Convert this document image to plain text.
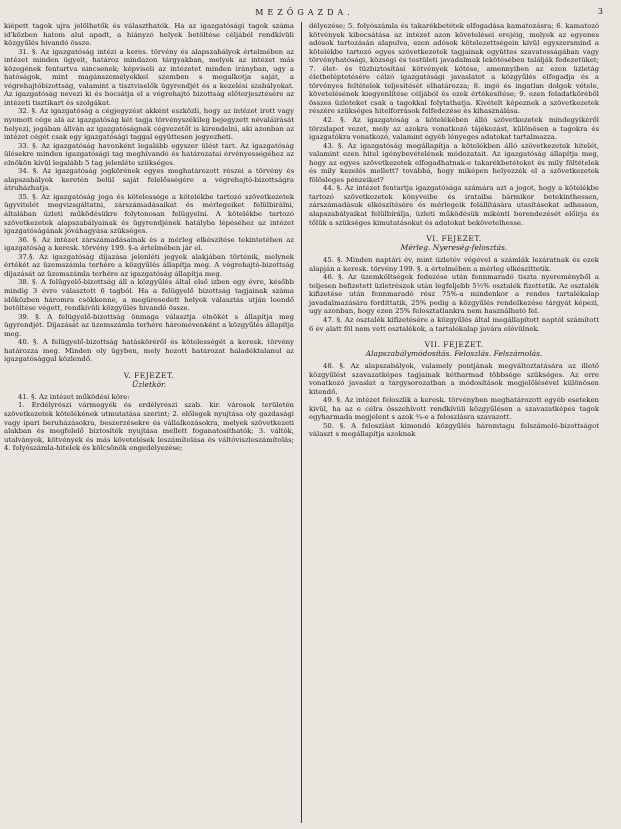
MEZŐGAZDA.	3

kiépett tagok ujra jelölhetők és választhatók. Ha az igazgatósági tagok száma id'közben hatom alul apadt, a hiányzó helyek betöltése céljából rendkívüli közgyűlés hivandó össze.

31. §. Az igazgatóság intézi a keres. törvény és alapszabályok értelmében az intézet minden ügyeit, határoz mindazon tárgyakban, melyek az intézet más közegének fentartva nincsenek; képviseli az intézetet minden irányban, ugy a hatóságok, mint magánszemélyekkel szemben s megalkotja saját, a végrehajtóbizottság, valamint a tisztviselők ügyrendjét és a kezelési szabályokat. Az igazgatóság nevezi ki és bocsátja el a végrehajtó bizottság előterjesztésére az intézeti tisztikart és szolgákat.

32. §. Az igazgatóság a cégjegyzést akként eszközli, hogy az intézet irott vagy nyomott cége alá az igazgatóság két tagja törvényszékileg bejegyzett névaláirását helyezi, jogában állván az igazgatóságnak cégvezetőt is kirendelni, aki azonban az intézet cégét csak egy igazgatósági taggal együttesen jegyezheti.

33. §. Az igazgatóság havonként legalább egyszer ülést tart. Az igazgatóság ülésekre minden igazgatósági tag meghívandó és határozatai érvényességéhez az elnökön kívül legalább 5 tag jelenléte szükséges.

34. §. Az igazgatóság jogkörének egyes meghatározott részei a törvény és alapszabályok keretén belül saját felelősségére a végrehajtó-bizottságra átruházhatja.

35. §. Az igazgatóság joga és kötelessége a kötelékbe tartozó szövetkezetek ügyvitelét megvizsgáltatni, zárszámadásaikat és mérlegeiket felülbirálni, általában üzleti működésükre folytonosan felügyelni. A kötelékbe tartozó szövetkezetek alapszabályainak és ügyrendjének hatályba lépéséhez az intézet igazgatóságának jóváhagyása szükséges.

36. §. Az intézet zárszámadásainak és a mérleg elkészítése tekintetében az igazgatóság a keresk. törvény 199. §-a értelmében jár el.

37.§. Az igazgatóság díjazása jelenléti jegyek alakjában történik, melynek értékét az üzemszámla terhére a közgyűlés állapítja meg. A végrehajtó-bizottság díjazását az üzemszámla terhére az igazgatóság állapítja meg.

38. §. A felügyelő-bizottság áll a közgyűlés által első izben egy évre, később mindig 3 évre választott 6 tagból. Ha a felügyelő bizottság tagjainak száma időközben háromra csökkenne, a megüresedett helyek választás utján leendő betöltése végett, rendkívüli közgyűlés hivandó össze.

39. §. A felügyelő-bizottság önmaga választja elnökét s állapítja meg ügyrendjét. Díjazását az üzemszámla terhére háromévenként a közgyűlés állapítja meg.

40. §. A felügyelő-bizottság hatásköréről és kötelességét a keresk. törvény határozza meg. Minden oly ügyben, mely hozott határozat haladéktalanul az igazgatósággal közlendő.

V. FEJEZET.
Üzletkör.

41. §. Az intézet működési köre:

1. Erdélyrészi vármegyék és erdélyrészi szab. kir. városok területén szövetkezetek kötelékének utmutatása szerint; 2. előlegek nyujtása oly gazdasági vagy ipari beruházásokra, beszerzésekre és vállalkozásokra, melyek szövetkezeti alakban és megfelelő biztosíték nyujtása mellett foganatosíthatók; 3. váltók, utalványok, kötvények és más követelések leszámítolása és váltóviszleszámítolás; 4. folyószámla-hitelek és kölcsönök engedélyezése;

délyezése; 5. folyószámla és takarékbetétek elfogadása kamatozásra; 6. kamatozó kötvények kibocsátása az intézet azon követelései erejéig, melyek az egyenes adósok tartozásán alapulva, ezen adósok kötelezettségein kívül egyszersmind a kötelékbe tartozó egyes szövetkezetek tagjainak együttes szavatosságában vagy törvényhatósági, községi és testületi javadalmak lekötésében találják fedezetüket; 7. élet- és tüzbiztosítási kötvények kötése, amennyiben az ezen üzletág életbeléptetésére célzó igazgatósági javaslatot a közgyűlés elfogadja és a törvényes feltételek teljesítését elhatározza; 8. ingó és ingatlan dolgok vétele, követelésének kiegyenlítése céljából és ezek értékesítése; 9. ezen feladatköréből összes üzleteket csak a tagokkal folytathatja. Kivételt képeznek a szövetkezetek részére szükséges hitelforrások felfedezése és kihasználása.

42. §. Az igazgatóság a kötelékében álló szövetkezetek mindegyikéről törzslapot vezet, mely az azokra vonatkozó tájékozást, különösen a tagokra és igazgatókra vonatkozó, valamint egyéb lényeges adatokat tartalmazza.

43. §. Az igazgatóság megállapítja a kötelékben álló szövetkezetek hitelét, valamint ezen hitel igénybevételének módozatait. Az igazgatóság állapítja meg, hogy az egyes szövetkezetek elfogadhatnak-e takarékbetéteket és mily föltételek és mily kezelés mellett? továbbá, hogy miképen helyezzék el a szövetkezetek fölösleges pénzeiket?

44. §. Az intézet fentartja igazgatósága számára azt a jogot, hogy a kötelékbe tartozó szövetkezetek könyveibe és irataiba bármikor betekinthessen, zárszámadásuk elkészítésére és mérlegeik felállítására utasításokat adhasson, alapszabályaikat felülbírálja, üzleti működésük mikénti berendezését előírja és tőlük a szükséges kimutatásokat és adatokat bekövetelhesse.

VI. FEJEZET.
Mérleg. Nyereség-felosztás.

45. §. Minden naptári év, mint üzletév végével a számlák lezáratnak és ezek alapján a keresk. törvény 199. §. a értelmében a mérleg elkészíttetik.

46. §. Az üzemköltségek fedezése után fennmaradó tiszta nyereményből a teljesen befizetett üzletrészek után legfeljebb 5½% osztalék fizettetik. Az osztalék kifizetése után fennmaradó rész 75%-a mindenkor a rendes tartalékalap javadalmazására fordíttatik, 25% pedig a közgyűlés rendelkezése tárgyát képezi, ugy azonban, hogy ezen 25% felosztatlankra nem használható fel.

47. §. Az osztalék kifizetésére a közgyűlés által megállapított naptól számított 6 év alatt föl nem vett osztalékok, a tartalékalap javára elévülnek.

VII. FEJEZET.
Alapszabálymódosítás. Feloszlás. Felszámolás.

48. §. Az alapszabályok, valamely pontjának megváltoztatására az illető közgyűlést szavazatképes tagjainak kétharmad többsége szükséges. Az erre vonatkozó javaslat a tárgysorozatban a módosítások megjelölésével különösen kitendő.

49. §. Az intézet feloszlik a keresk. törvényben meghatározott egyéb eseteken kívül, ha az e célra összehívott rendkívüli közgyűlésen a szavazatképes tagok egyharmada megjelent s azok ¾-e a feloszlásra szavazott.

50. §. A feloszlást kimondó közgyűlés háromtagu felszámoló-bizottságot választ s megállapítja azoknak
